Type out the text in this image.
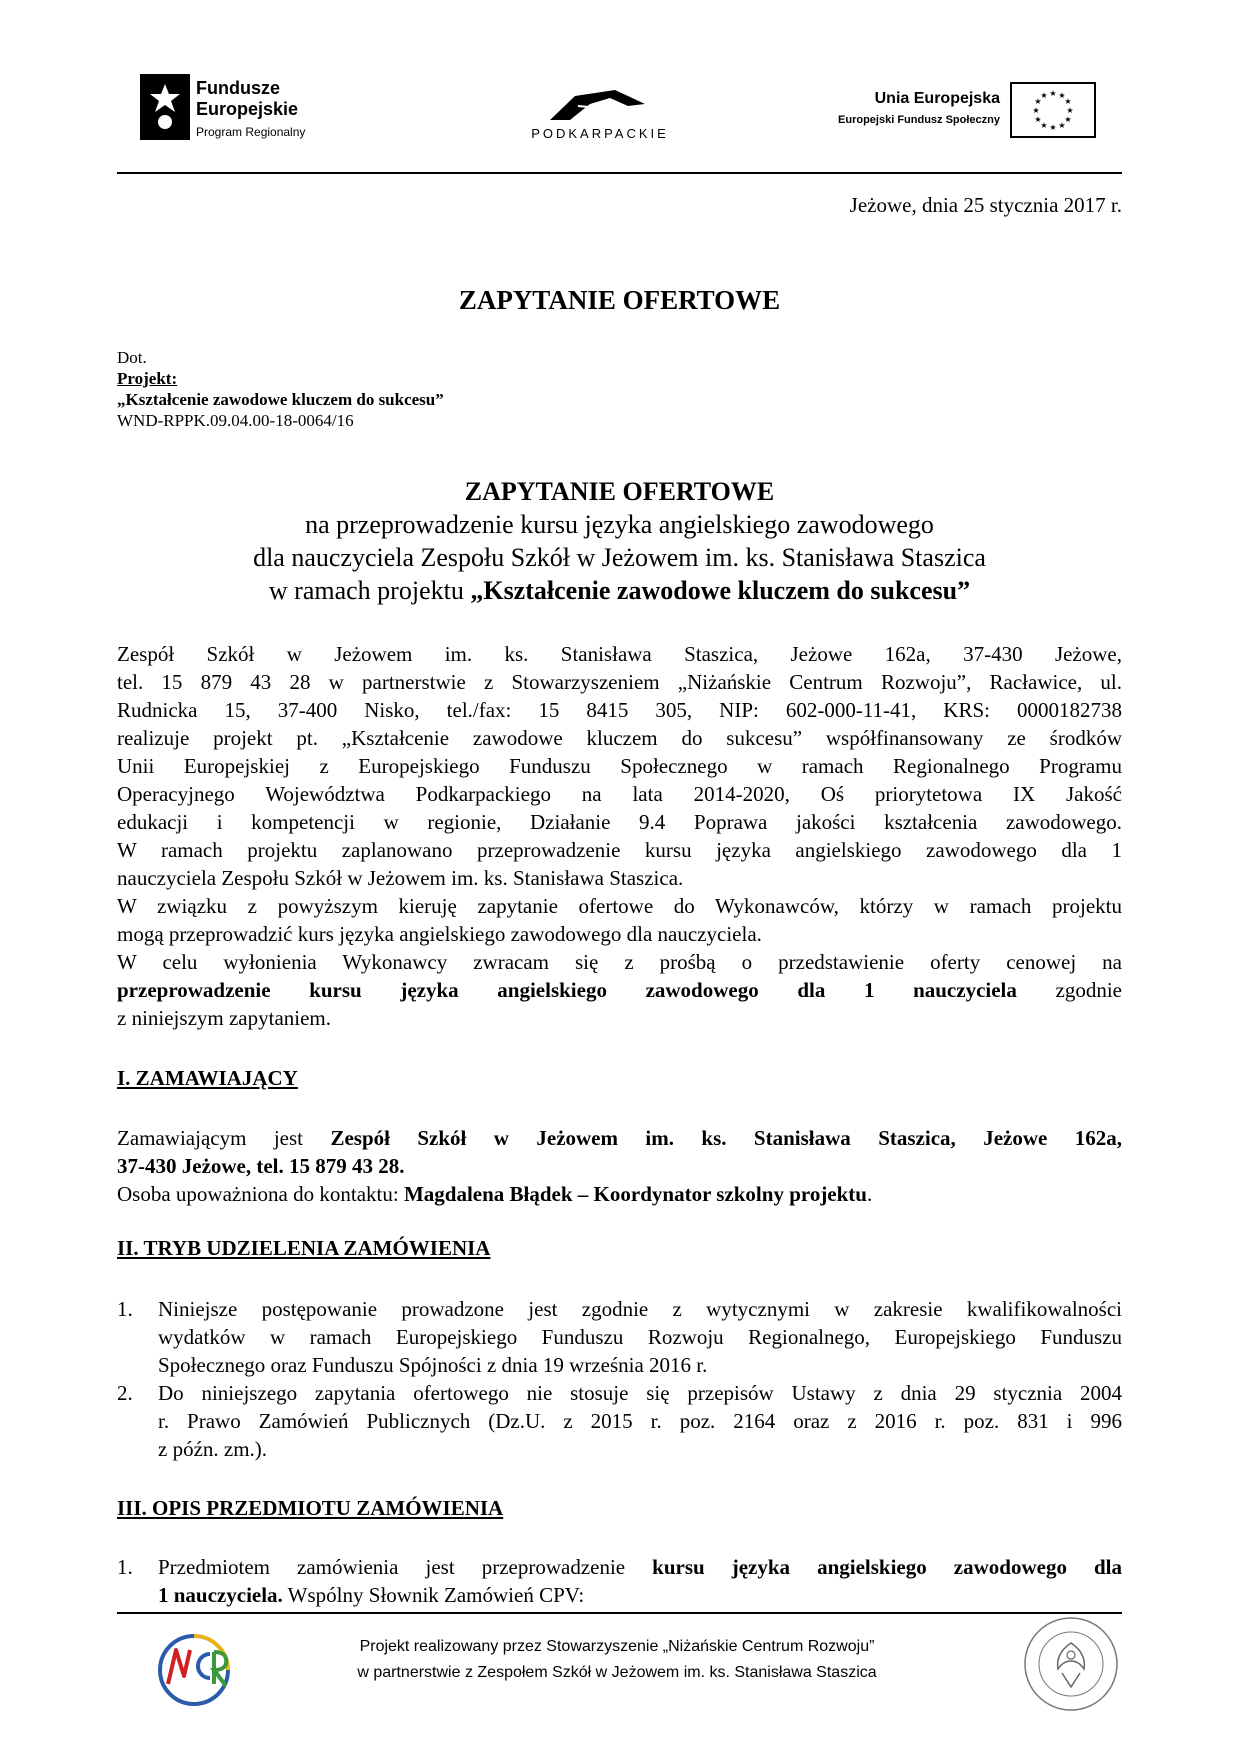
Fundusze
Europejskie
Program Regionalny	PODKARPACKIE
Unia Europejska
Europejski Fundusz Społeczny
★ ★
★
★
★
★
★
★
★
★
★
★
Jeżowe, dnia 25 stycznia 2017 r.
ZAPYTANIE OFERTOWE
Dot.
Projekt:
„Kształcenie zawodowe kluczem do sukcesu”
WND-RPPK.09.04.00-18-0064/16
ZAPYTANIE OFERTOWE
na przeprowadzenie kursu języka angielskiego zawodowego
dla nauczyciela Zespołu Szkół w Jeżowem im. ks. Stanisława Staszica
w ramach projektu „Kształcenie zawodowe kluczem do sukcesu”
Zespół Szkół w Jeżowem im. ks. Stanisława Staszica, Jeżowe 162a, 37-430 Jeżowe,
tel. 15 879 43 28 w partnerstwie z Stowarzyszeniem „Niżańskie Centrum Rozwoju”, Racławice, ul.
Rudnicka 15, 37-400 Nisko, tel./fax: 15 8415 305, NIP: 602-000-11-41, KRS: 0000182738
realizuje projekt pt. „Kształcenie zawodowe kluczem do sukcesu” współfinansowany ze środków
Unii Europejskiej z Europejskiego Funduszu Społecznego w ramach Regionalnego Programu
Operacyjnego Województwa Podkarpackiego na lata 2014-2020, Oś priorytetowa IX Jakość
edukacji i kompetencji w regionie, Działanie 9.4 Poprawa jakości kształcenia zawodowego.
W ramach projektu zaplanowano przeprowadzenie kursu języka angielskiego zawodowego dla 1
nauczyciela Zespołu Szkół w Jeżowem im. ks. Stanisława Staszica.
W związku z powyższym kieruję zapytanie ofertowe do Wykonawców, którzy w ramach projektu
mogą przeprowadzić kurs języka angielskiego zawodowego dla nauczyciela.
W celu wyłonienia Wykonawcy zwracam się z prośbą o przedstawienie oferty cenowej na
przeprowadzenie kursu języka angielskiego zawodowego dla 1 nauczyciela zgodnie
z niniejszym zapytaniem.
I. ZAMAWIAJĄCY
Zamawiającym jest Zespół Szkół w Jeżowem im. ks. Stanisława Staszica, Jeżowe 162a,
37-430 Jeżowe, tel. 15 879 43 28.
Osoba upoważniona do kontaktu: Magdalena Błądek – Koordynator szkolny projektu.
II. TRYB UDZIELENIA ZAMÓWIENIA
1. Niniejsze postępowanie prowadzone jest zgodnie z wytycznymi w zakresie kwalifikowalności
wydatków w ramach Europejskiego Funduszu Rozwoju Regionalnego, Europejskiego Funduszu
Społecznego oraz Funduszu Spójności z dnia 19 września 2016 r.
2. Do niniejszego zapytania ofertowego nie stosuje się przepisów Ustawy z dnia 29 stycznia 2004
r. Prawo Zamówień Publicznych (Dz.U. z 2015 r. poz. 2164 oraz z 2016 r. poz. 831 i 996
z późn. zm.).
III. OPIS PRZEDMIOTU ZAMÓWIENIA
1. Przedmiotem zamówienia jest przeprowadzenie kursu języka angielskiego zawodowego dla
1 nauczyciela. Wspólny Słownik Zamówień CPV:
Projekt realizowany przez Stowarzyszenie „Niżańskie Centrum Rozwoju”
w partnerstwie z Zespołem Szkół w Jeżowem im. ks. Stanisława Staszica
